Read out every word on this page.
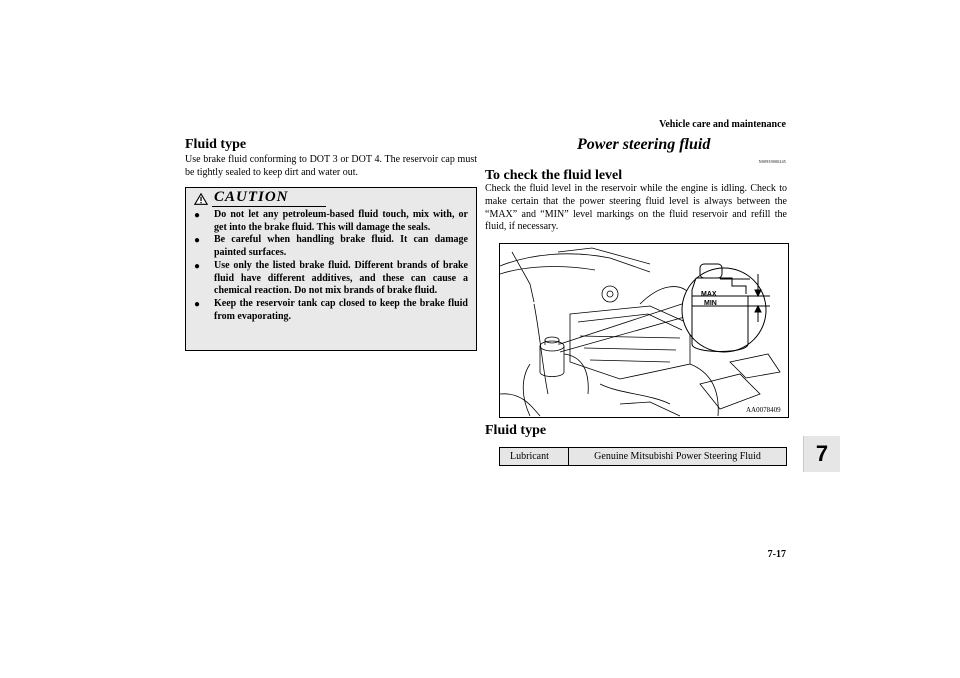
Vehicle care and maintenance
Fluid type

Use brake fluid conforming to DOT 3 or DOT 4. The reservoir cap must be tightly sealed to keep dirt and water out.

CAUTION
● Do not let any petroleum-based fluid touch, mix with, or get into the brake fluid. This will damage the seals.
● Be careful when handling brake fluid. It can damage painted surfaces.
● Use only the listed brake fluid. Different brands of brake fluid have different additives, and these can cause a chemical reaction. Do not mix brands of brake fluid.
● Keep the reservoir tank cap closed to keep the brake fluid from evaporating.
Power steering fluid
N00939000245
To check the fluid level

Check the fluid level in the reservoir while the engine is idling. Check to make certain that the power steering fluid level is always between the “MAX” and “MIN” level markings on the fluid reservoir and refill the fluid, if necessary.

MAX
MIN
AA0078409
Fluid type
Lubricant	Genuine Mitsubishi Power Steering Fluid	7
7-17
